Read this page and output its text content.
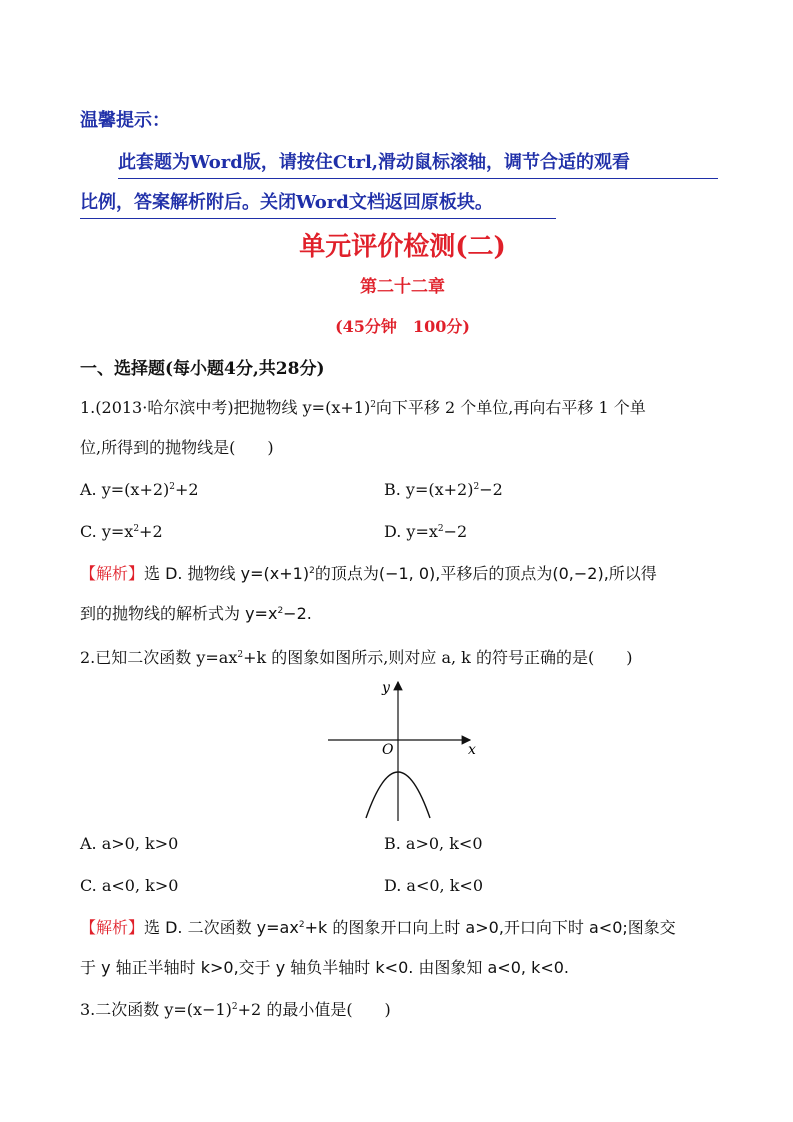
温馨提示：
此套题为Word版，请按住Ctrl,滑动鼠标滚轴，调节合适的观看
比例，答案解析附后。关闭Word文档返回原板块。
单元评价检测(二)
第二十二章
(45分钟　100分)
一、选择题(每小题4分,共28分)
1.(2013·哈尔滨中考)把抛物线 $y=(x+1)^2$向下平移 2 个单位,再向右平移 1 个单
位,所得到的抛物线是(　　)
A. $y=(x+2)^2+2$	B. $y=(x+2)^2-2$
C. $y=x^2+2$	D. $y=x^2-2$
【解析】选 D. 抛物线 $y=(x+1)^2$的顶点为(−1, 0),平移后的顶点为(0,−2),所以得
到的抛物线的解析式为 $y=x^2-2$.
2.已知二次函数 $y=ax^2+k$ 的图象如图所示,则对应 a, k 的符号正确的是(　　)
y
x
O
A. a>0, k>0	B. a>0, k<0
C. a<0, k>0	D. a<0, k<0
【解析】选 D. 二次函数 $y=ax^2+k$ 的图象开口向上时 a>0,开口向下时 a<0;图象交
于 y 轴正半轴时 k>0,交于 y 轴负半轴时 k<0. 由图象知 a<0, k<0.
3.二次函数 $y=(x-1)^2+2$ 的最小值是(　　)
